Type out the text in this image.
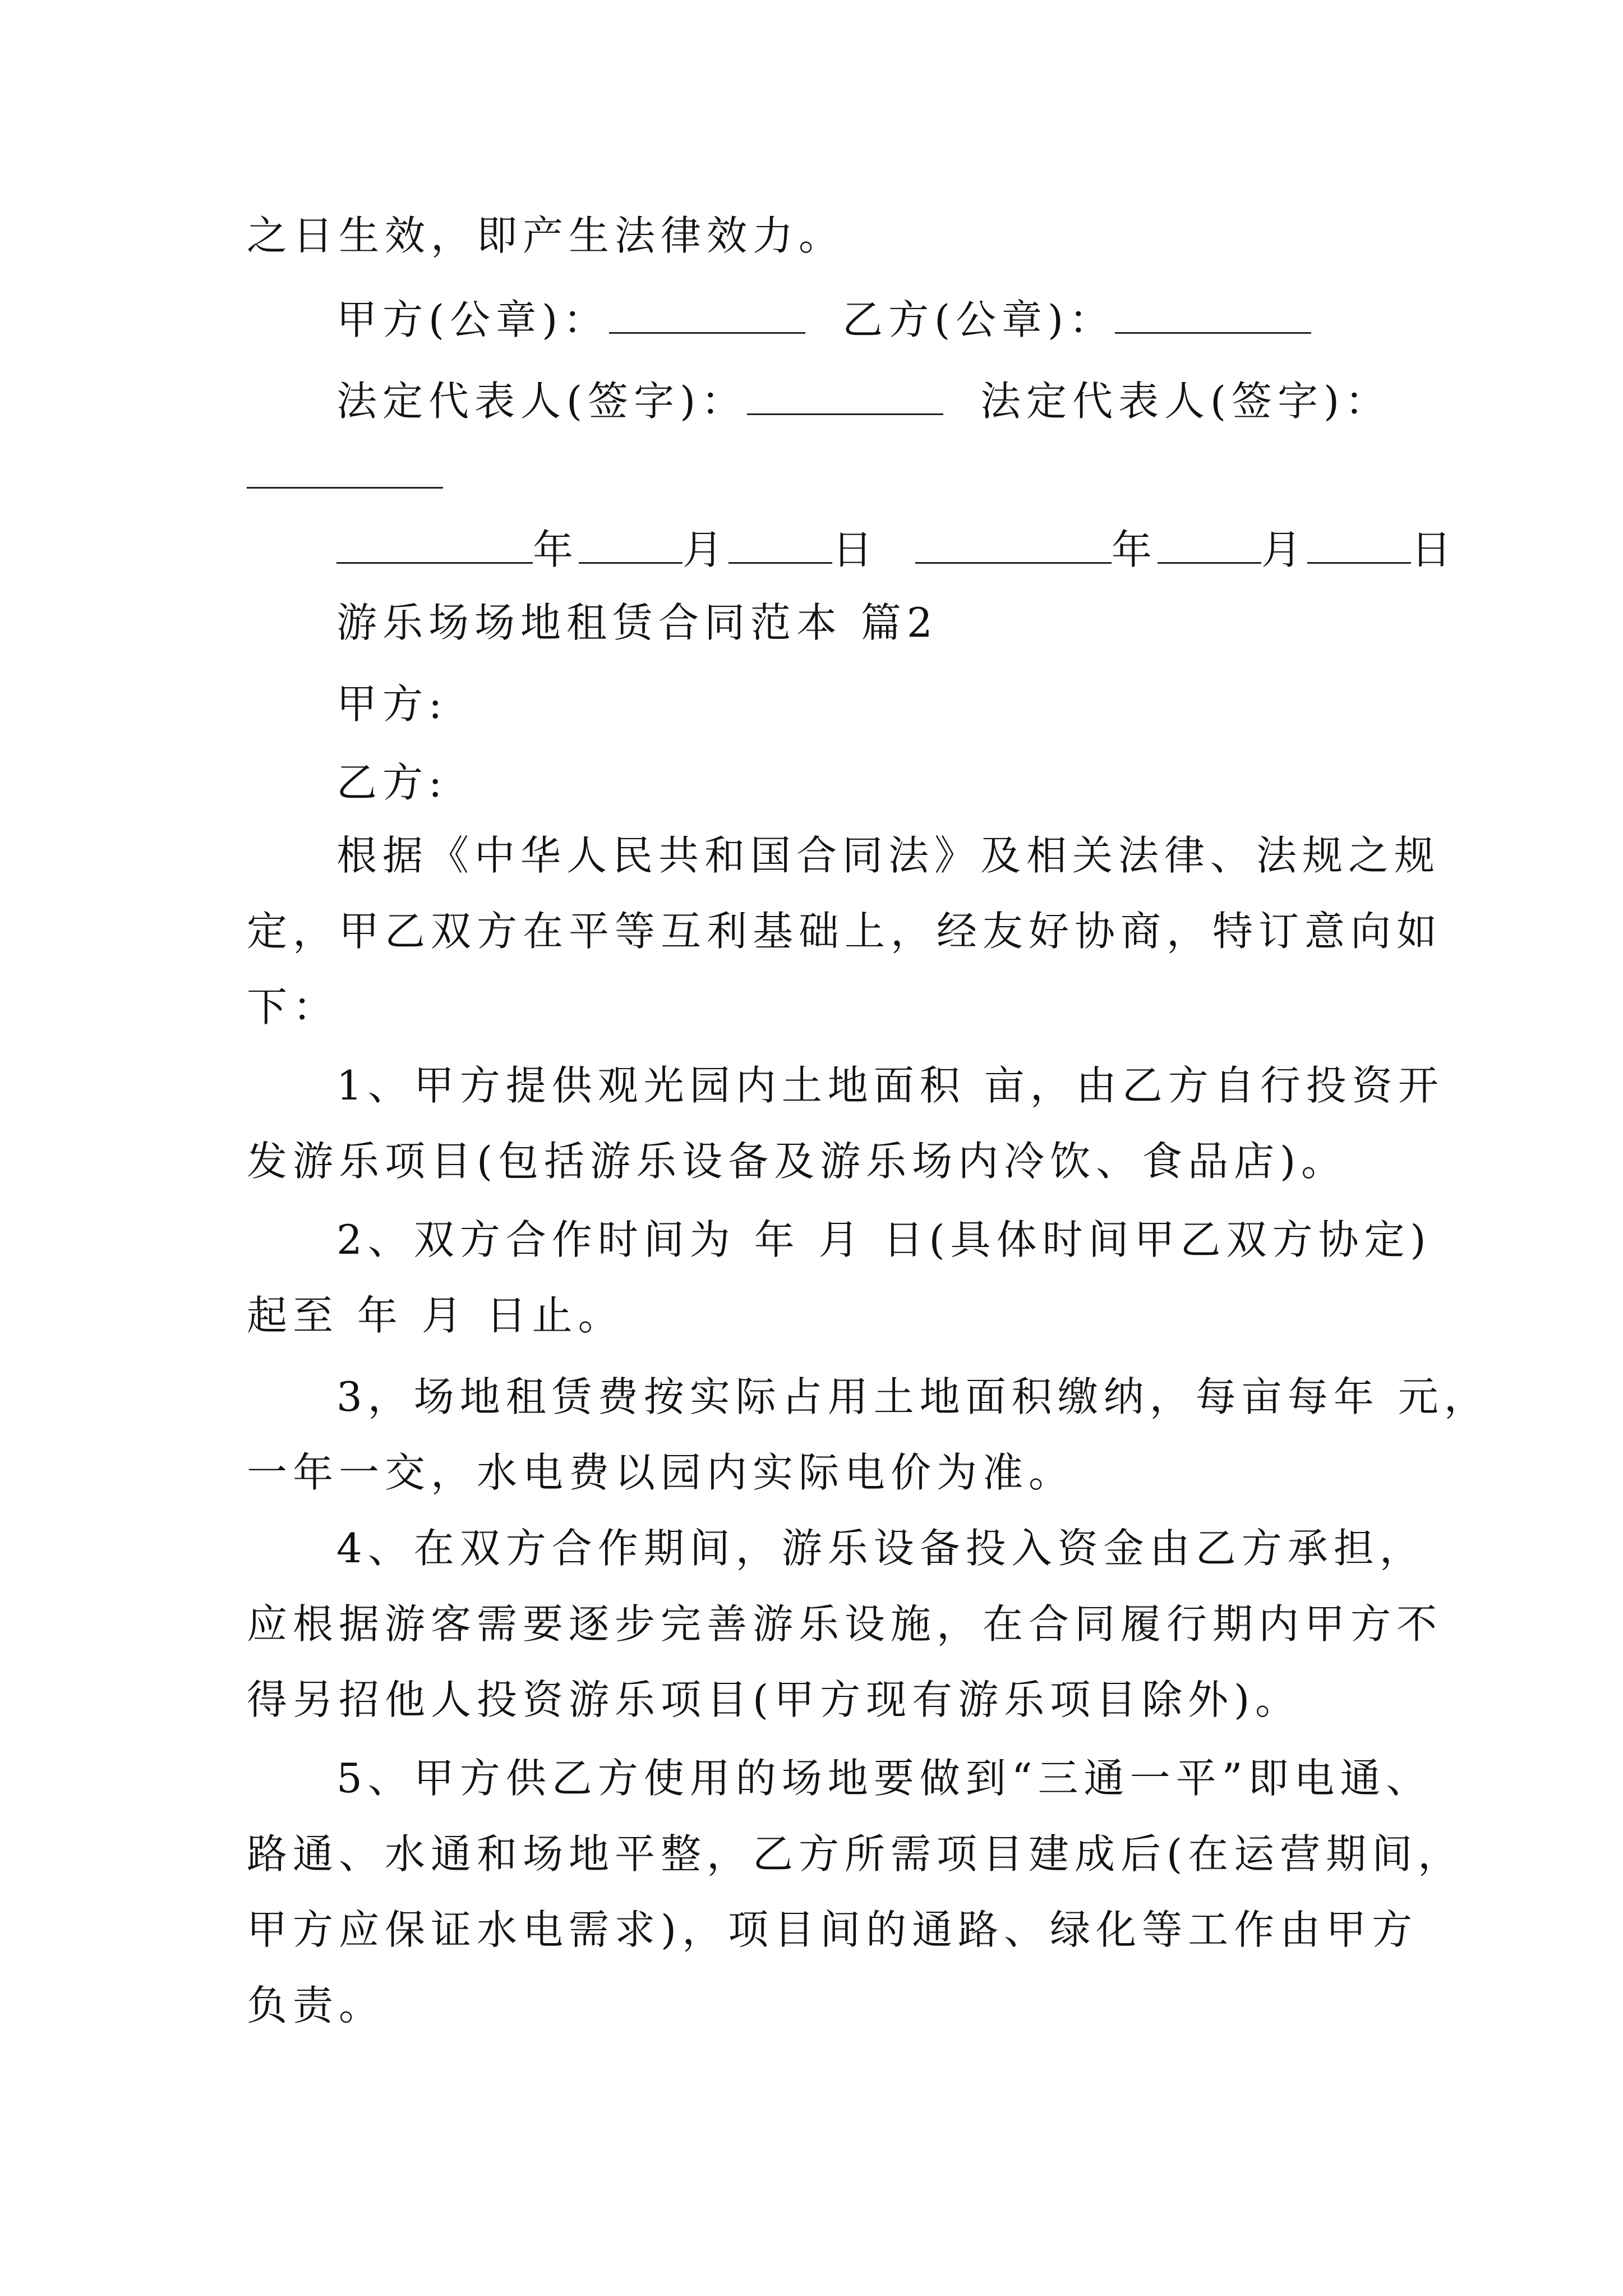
之日生效，即产生法律效力。
甲方(公章)：	乙方(公章)：
法定代表人(签字)：	法定代表人(签字)：
年	月	日	年	月	日
游乐场场地租赁合同范本 篇2
甲方:
乙方:
根据《中华人民共和国合同法》及相关法律、法规之规
定，甲乙双方在平等互利基础上，经友好协商，特订意向如
下：
1、甲方提供观光园内土地面积 亩，由乙方自行投资开
发游乐项目(包括游乐设备及游乐场内冷饮、食品店)。
2、双方合作时间为 年 月 日(具体时间甲乙双方协定)
起至 年 月 日止。
3，场地租赁费按实际占用土地面积缴纳，每亩每年 元，
一年一交，水电费以园内实际电价为准。
4、在双方合作期间，游乐设备投入资金由乙方承担，
应根据游客需要逐步完善游乐设施，在合同履行期内甲方不
得另招他人投资游乐项目(甲方现有游乐项目除外)。
5、甲方供乙方使用的场地要做到“三通一平”即电通、
路通、水通和场地平整，乙方所需项目建成后(在运营期间，
甲方应保证水电需求)，项目间的通路、绿化等工作由甲方
负责。
